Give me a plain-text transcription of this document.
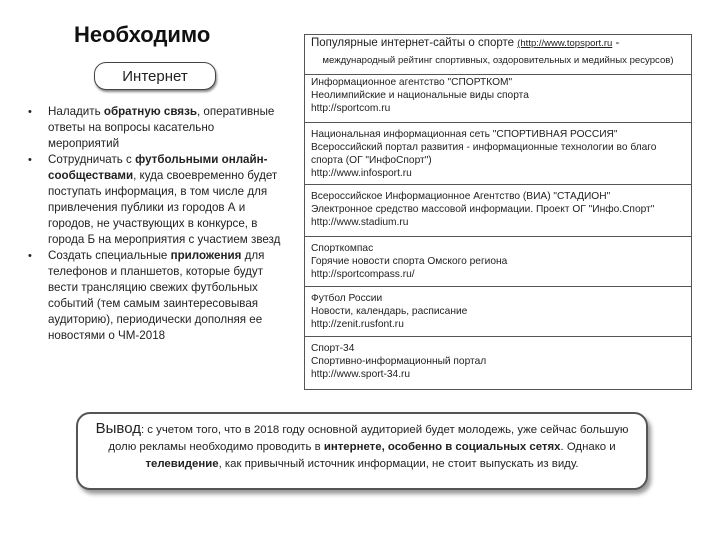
Необходимо
Интернет
• Наладить обратную связь, оперативные ответы на вопросы касательно мероприятий
• Сотрудничать с футбольными онлайн-сообществами, куда своевременно будет поступать информация, в том числе для привлечения публики из городов А и городов, не участвующих в конкурсе, в города Б на мероприятия с участием звезд
• Создать специальные приложения для телефонов и планшетов, которые будут вести трансляцию свежих футбольных событий (тем самым заинтересовывая аудиторию), периодически дополняя ее новостями о ЧМ-2018
Популярные интернет-сайты о спорте (http://www.topsport.ru -
международный рейтинг спортивных, оздоровительных и медийных ресурсов)
Информационное агентство "СПОРТКОМ"
Неолимпийские и национальные виды спорта
http://sportcom.ru
Национальная информационная сеть "СПОРТИВНАЯ РОССИЯ"
Всероссийский портал развития - информационные технологии во благо
спорта (ОГ "ИнфоСпорт")
http://www.infosport.ru
Всероссийское Информационное Агентство (ВИА) "СТАДИОН"
Электронное средство массовой информации. Проект ОГ "Инфо.Спорт"
http://www.stadium.ru
Спорткомпас
Горячие новости спорта Омского региона
http://sportcompass.ru/
Футбол России
Новости, календарь, расписание
http://zenit.rusfont.ru
Спорт-34
Спортивно-информационный портал
http://www.sport-34.ru
Вывод: с учетом того, что в 2018 году основной аудиторией будет молодежь, уже сейчас большую долю рекламы необходимо проводить в интернете, особенно в социальных сетях. Однако и телевидение, как привычный источник информации, не стоит выпускать из виду.
